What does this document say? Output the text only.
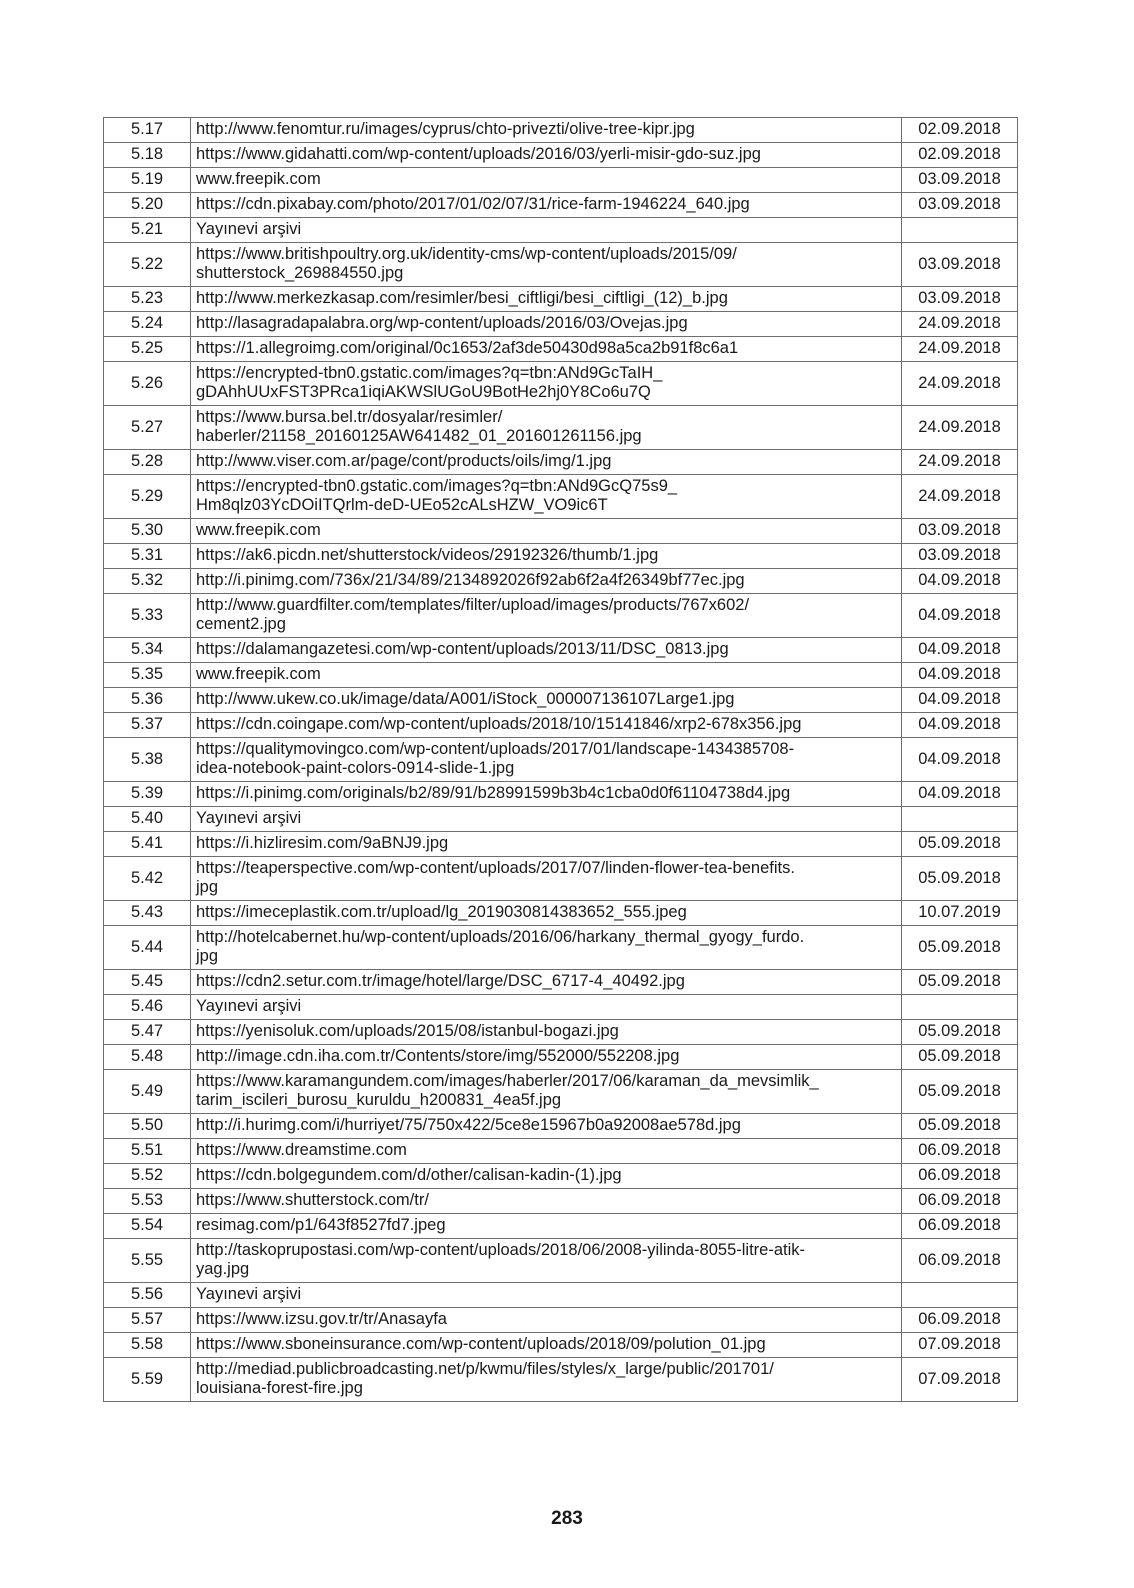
5.17	http://www.fenomtur.ru/images/cyprus/chto-privezti/olive-tree-kipr.jpg	02.09.2018
5.18	https://www.gidahatti.com/wp-content/uploads/2016/03/yerli-misir-gdo-suz.jpg	02.09.2018
5.19	www.freepik.com	03.09.2018
5.20	https://cdn.pixabay.com/photo/2017/01/02/07/31/rice-farm-1946224_640.jpg	03.09.2018
5.21	Yayınevi arşivi	

5.22	https://www.britishpoultry.org.uk/identity-cms/wp-content/uploads/2015/09/
shutterstock_269884550.jpg	03.09.2018
5.23	http://www.merkezkasap.com/resimler/besi_ciftligi/besi_ciftligi_(12)_b.jpg	03.09.2018
5.24	http://lasagradapalabra.org/wp-content/uploads/2016/03/Ovejas.jpg	24.09.2018
5.25	https://1.allegroimg.com/original/0c1653/2af3de50430d98a5ca2b91f8c6a1	24.09.2018
5.26	https://encrypted-tbn0.gstatic.com/images?q=tbn:ANd9GcTaIH_
gDAhhUUxFST3PRca1iqiAKWSlUGoU9BotHe2hj0Y8Co6u7Q	24.09.2018
5.27	https://www.bursa.bel.tr/dosyalar/resimler/
haberler/21158_20160125AW641482_01_201601261156.jpg	24.09.2018
5.28	http://www.viser.com.ar/page/cont/products/oils/img/1.jpg	24.09.2018
5.29	https://encrypted-tbn0.gstatic.com/images?q=tbn:ANd9GcQ75s9_
Hm8qlz03YcDOiITQrlm-deD-UEo52cALsHZW_VO9ic6T	24.09.2018
5.30	www.freepik.com	03.09.2018
5.31	https://ak6.picdn.net/shutterstock/videos/29192326/thumb/1.jpg	03.09.2018
5.32	http://i.pinimg.com/736x/21/34/89/2134892026f92ab6f2a4f26349bf77ec.jpg	04.09.2018
5.33	http://www.guardfilter.com/templates/filter/upload/images/products/767x602/
cement2.jpg	04.09.2018
5.34	https://dalamangazetesi.com/wp-content/uploads/2013/11/DSC_0813.jpg	04.09.2018
5.35	www.freepik.com	04.09.2018
5.36	http://www.ukew.co.uk/image/data/A001/iStock_000007136107Large1.jpg	04.09.2018
5.37	https://cdn.coingape.com/wp-content/uploads/2018/10/15141846/xrp2-678x356.jpg	04.09.2018
5.38	https://qualitymovingco.com/wp-content/uploads/2017/01/landscape-1434385708-
idea-notebook-paint-colors-0914-slide-1.jpg	04.09.2018
5.39	https://i.pinimg.com/originals/b2/89/91/b28991599b3b4c1cba0d0f61104738d4.jpg	04.09.2018
5.40	Yayınevi arşivi	

5.41	https://i.hizliresim.com/9aBNJ9.jpg	05.09.2018
5.42	https://teaperspective.com/wp-content/uploads/2017/07/linden-flower-tea-benefits.
jpg	05.09.2018
5.43	https://imeceplastik.com.tr/upload/lg_2019030814383652_555.jpeg	10.07.2019
5.44	http://hotelcabernet.hu/wp-content/uploads/2016/06/harkany_thermal_gyogy_furdo.
jpg	05.09.2018
5.45	https://cdn2.setur.com.tr/image/hotel/large/DSC_6717-4_40492.jpg	05.09.2018
5.46	Yayınevi arşivi	

5.47	https://yenisoluk.com/uploads/2015/08/istanbul-bogazi.jpg	05.09.2018
5.48	http://image.cdn.iha.com.tr/Contents/store/img/552000/552208.jpg	05.09.2018
5.49	https://www.karamangundem.com/images/haberler/2017/06/karaman_da_mevsimlik_
tarim_iscileri_burosu_kuruldu_h200831_4ea5f.jpg	05.09.2018
5.50	http://i.hurimg.com/i/hurriyet/75/750x422/5ce8e15967b0a92008ae578d.jpg	05.09.2018
5.51	https://www.dreamstime.com	06.09.2018
5.52	https://cdn.bolgegundem.com/d/other/calisan-kadin-(1).jpg	06.09.2018
5.53	https://www.shutterstock.com/tr/	06.09.2018
5.54	resimag.com/p1/643f8527fd7.jpeg	06.09.2018
5.55	http://taskoprupostasi.com/wp-content/uploads/2018/06/2008-yilinda-8055-litre-atik-
yag.jpg	06.09.2018
5.56	Yayınevi arşivi	

5.57	https://www.izsu.gov.tr/tr/Anasayfa	06.09.2018
5.58	https://www.sboneinsurance.com/wp-content/uploads/2018/09/polution_01.jpg	07.09.2018
5.59	http://mediad.publicbroadcasting.net/p/kwmu/files/styles/x_large/public/201701/
louisiana-forest-fire.jpg	07.09.2018
283
